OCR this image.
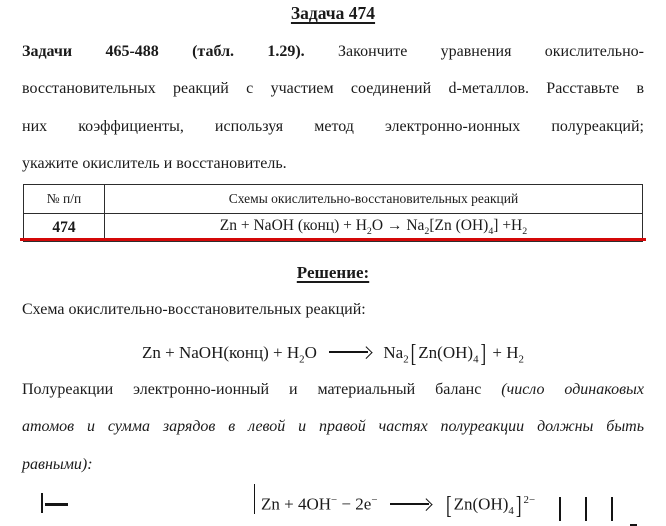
Задача 474
Задачи 465-488 (табл. 1.29). Закончите уравнения окислительно-
восстановительных реакций с участием соединений d-металлов. Расставьте в
них коэффициенты, используя метод электронно-ионных полуреакций;
укажите окислитель и восстановитель.
№ п/п	Схемы окислительно-восстановительных реакций
474	Zn + NaOH (конц) + $H_2O \to Na_2[Zn$ $(OH)_4] +H_2$
Решение:
Схема окислительно-восстановительных реакций:
Zn + NaOH(конц) + $H_2O$	$Na_2$ [ $Zn(OH)_4$ ] + $H_2$
Полуреакции электронно-ионный и материальный баланс (число одинаковых
атомов и сумма зарядов в левой и правой частях полуреакции должны быть
равными):
Zn + 4OH− − 2e−	[ $Zn(OH)_4$ ] $^{2-}$
